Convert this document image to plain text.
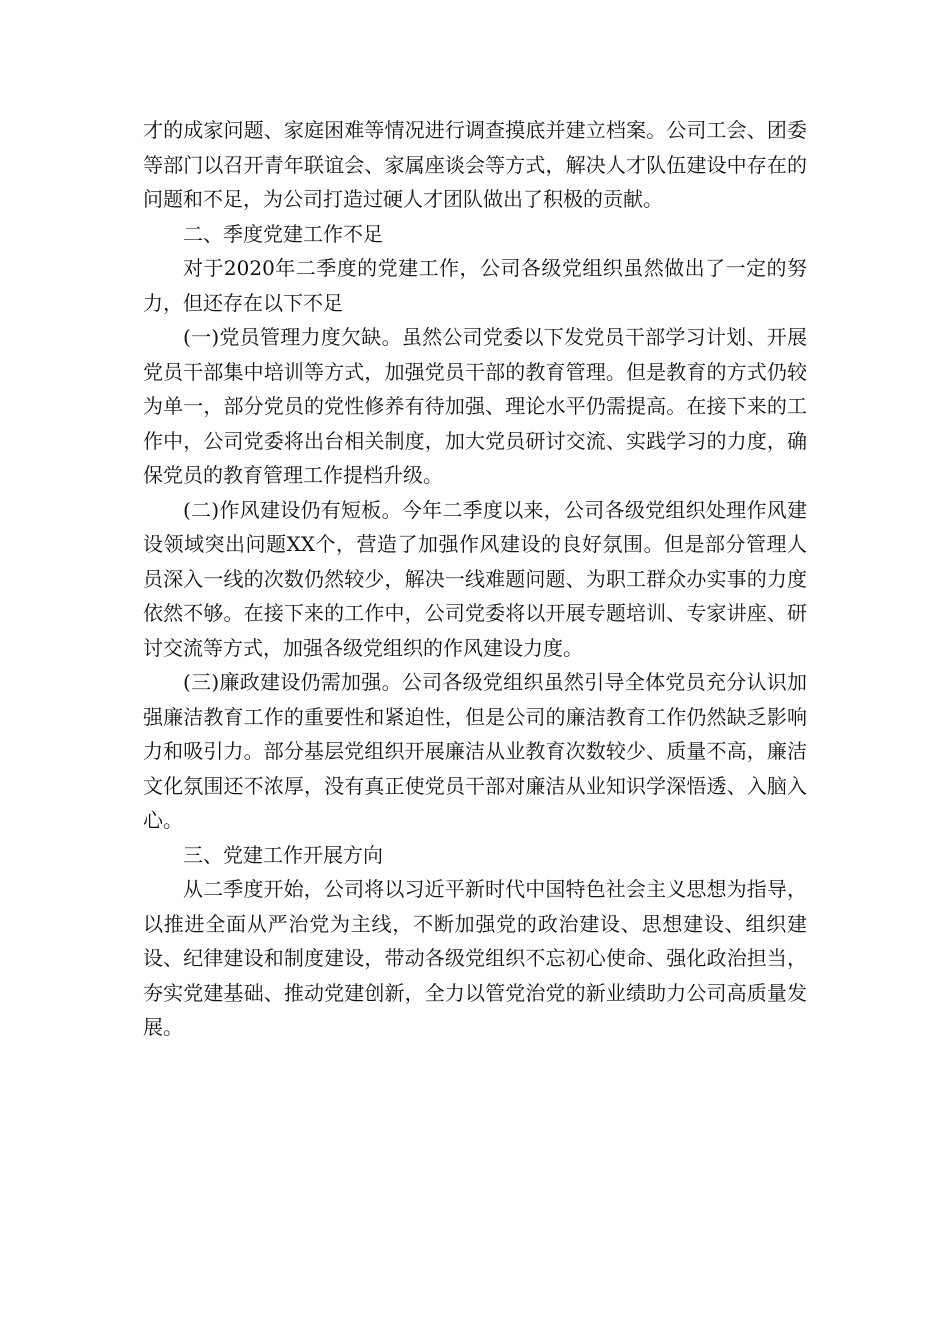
才的成家问题、家庭困难等情况进行调查摸底并建立档案。公司工会、团委等部门以召开青年联谊会、家属座谈会等方式，解决人才队伍建设中存在的问题和不足，为公司打造过硬人才团队做出了积极的贡献。

二、季度党建工作不足

对于2020年二季度的党建工作，公司各级党组织虽然做出了一定的努力，但还存在以下不足

(一)党员管理力度欠缺。虽然公司党委以下发党员干部学习计划、开展党员干部集中培训等方式，加强党员干部的教育管理。但是教育的方式仍较为单一，部分党员的党性修养有待加强、理论水平仍需提高。在接下来的工作中，公司党委将出台相关制度，加大党员研讨交流、实践学习的力度，确保党员的教育管理工作提档升级。

(二)作风建设仍有短板。今年二季度以来，公司各级党组织处理作风建设领域突出问题XX个，营造了加强作风建设的良好氛围。但是部分管理人员深入一线的次数仍然较少，解决一线难题问题、为职工群众办实事的力度依然不够。在接下来的工作中，公司党委将以开展专题培训、专家讲座、研讨交流等方式，加强各级党组织的作风建设力度。

(三)廉政建设仍需加强。公司各级党组织虽然引导全体党员充分认识加强廉洁教育工作的重要性和紧迫性，但是公司的廉洁教育工作仍然缺乏影响力和吸引力。部分基层党组织开展廉洁从业教育次数较少、质量不高，廉洁文化氛围还不浓厚，没有真正使党员干部对廉洁从业知识学深悟透、入脑入心。

三、党建工作开展方向

从二季度开始，公司将以习近平新时代中国特色社会主义思想为指导，以推进全面从严治党为主线，不断加强党的政治建设、思想建设、组织建设、纪律建设和制度建设，带动各级党组织不忘初心使命、强化政治担当，夯实党建基础、推动党建创新，全力以管党治党的新业绩助力公司高质量发展。
